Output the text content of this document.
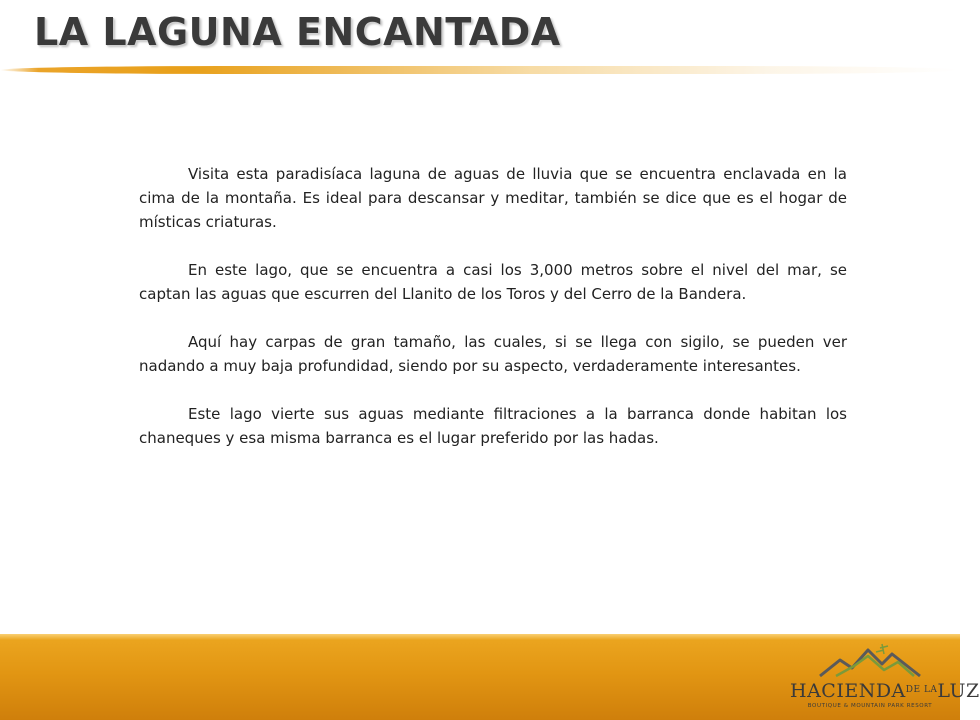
LA LAGUNA ENCANTADA

Visita esta paradisíaca laguna de aguas de lluvia que se encuentra enclavada en la cima de la montaña. Es ideal para descansar y meditar, también se dice que es el hogar de místicas criaturas.

En este lago, que se encuentra a casi los 3,000 metros sobre el nivel del mar, se captan las aguas que escurren del Llanito de los Toros y del Cerro de la Bandera.

Aquí hay carpas de gran tamaño, las cuales, si se llega con sigilo, se pueden ver nadando a muy baja profundidad, siendo por su aspecto, verdaderamente interesantes.

Este lago vierte sus aguas mediante filtraciones a la barranca donde habitan los chaneques y esa misma barranca es el lugar preferido por las hadas.

$HACIENDA^{DE LA}LUZ$
BOUTIQUE & MOUNTAIN PARK RESORT
